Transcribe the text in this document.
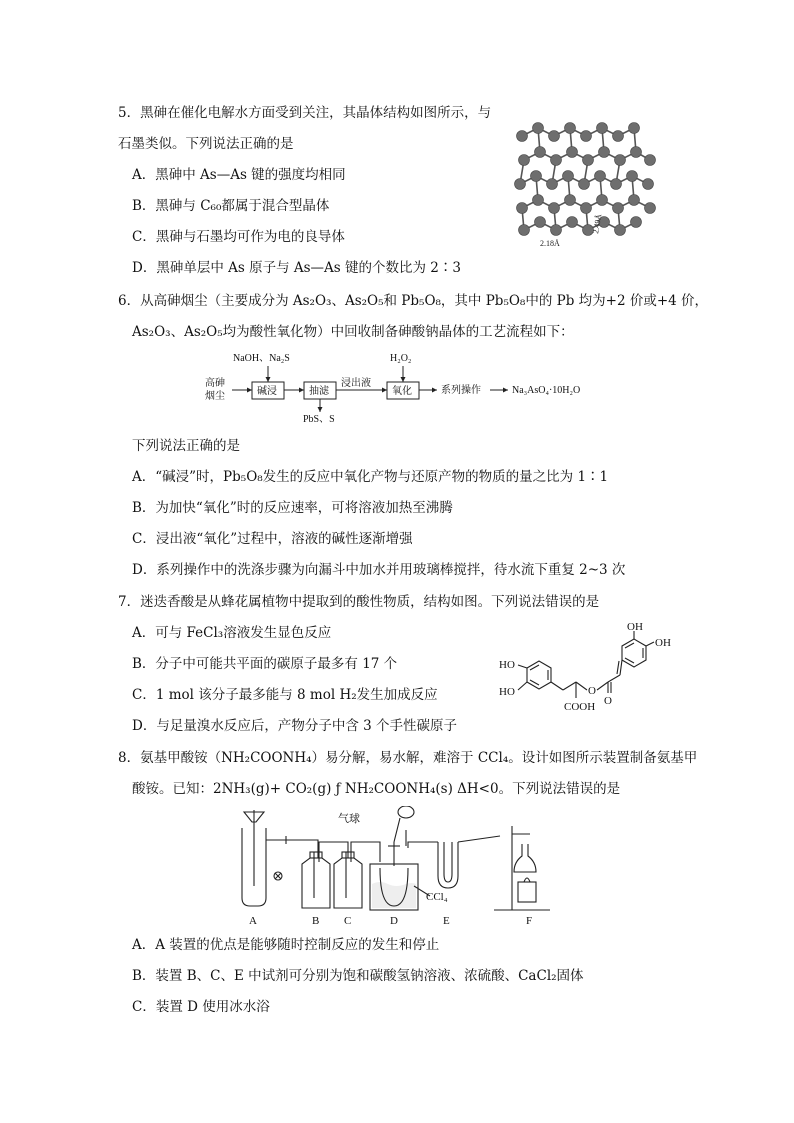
5．黑砷在催化电解水方面受到关注，其晶体结构如图所示，与
石墨类似。下列说法正确的是
A．黑砷中 As—As 键的强度均相同
B．黑砷与 C₆₀都属于混合型晶体
C．黑砷与石墨均可作为电的良导体
D．黑砷单层中 As 原子与 As—As 键的个数比为 2∶3
2.18Å
2.49Å
6．从高砷烟尘（主要成分为 As₂O₃、As₂O₅和 Pb₅O₈，其中 Pb₅O₈中的 Pb 均为+2 价或+4 价，
As₂O₃、As₂O₅均为酸性氧化物）中回收制备砷酸钠晶体的工艺流程如下：
高砷
烟尘
NaOH、Na₂S
碱浸	抽滤
PbS、S
浸出液
H₂O₂
氧化	系列操作	Na₃AsO₄·10H₂O
下列说法正确的是
A．“碱浸”时，Pb₅O₈发生的反应中氧化产物与还原产物的物质的量之比为 1∶1
B．为加快“氧化”时的反应速率，可将溶液加热至沸腾
C．浸出液“氧化”过程中，溶液的碱性逐渐增强
D．系列操作中的洗涤步骤为向漏斗中加水并用玻璃棒搅拌，待水流下重复 2~3 次
7．迷迭香酸是从蜂花属植物中提取到的酸性物质，结构如图。下列说法错误的是
A．可与 FeCl₃溶液发生显色反应
B．分子中可能共平面的碳原子最多有 17 个
C．1 mol 该分子最多能与 8 mol H₂发生加成反应
D．与足量溴水反应后，产物分子中含 3 个手性碳原子
OH
OH
HO
HO	O
COOH O
8．氨基甲酸铵（NH₂COONH₄）易分解，易水解，难溶于 CCl₄。设计如图所示装置制备氨基甲
酸铵。已知：2NH₃(g)+ CO₂(g) ƒ NH₂COONH₄(s) ΔH<0。下列说法错误的是
气球
CCl₄
A	B C	D	E	F
A．A 装置的优点是能够随时控制反应的发生和停止
B．装置 B、C、E 中试剂可分别为饱和碳酸氢钠溶液、浓硫酸、CaCl₂固体
C．装置 D 使用冰水浴
